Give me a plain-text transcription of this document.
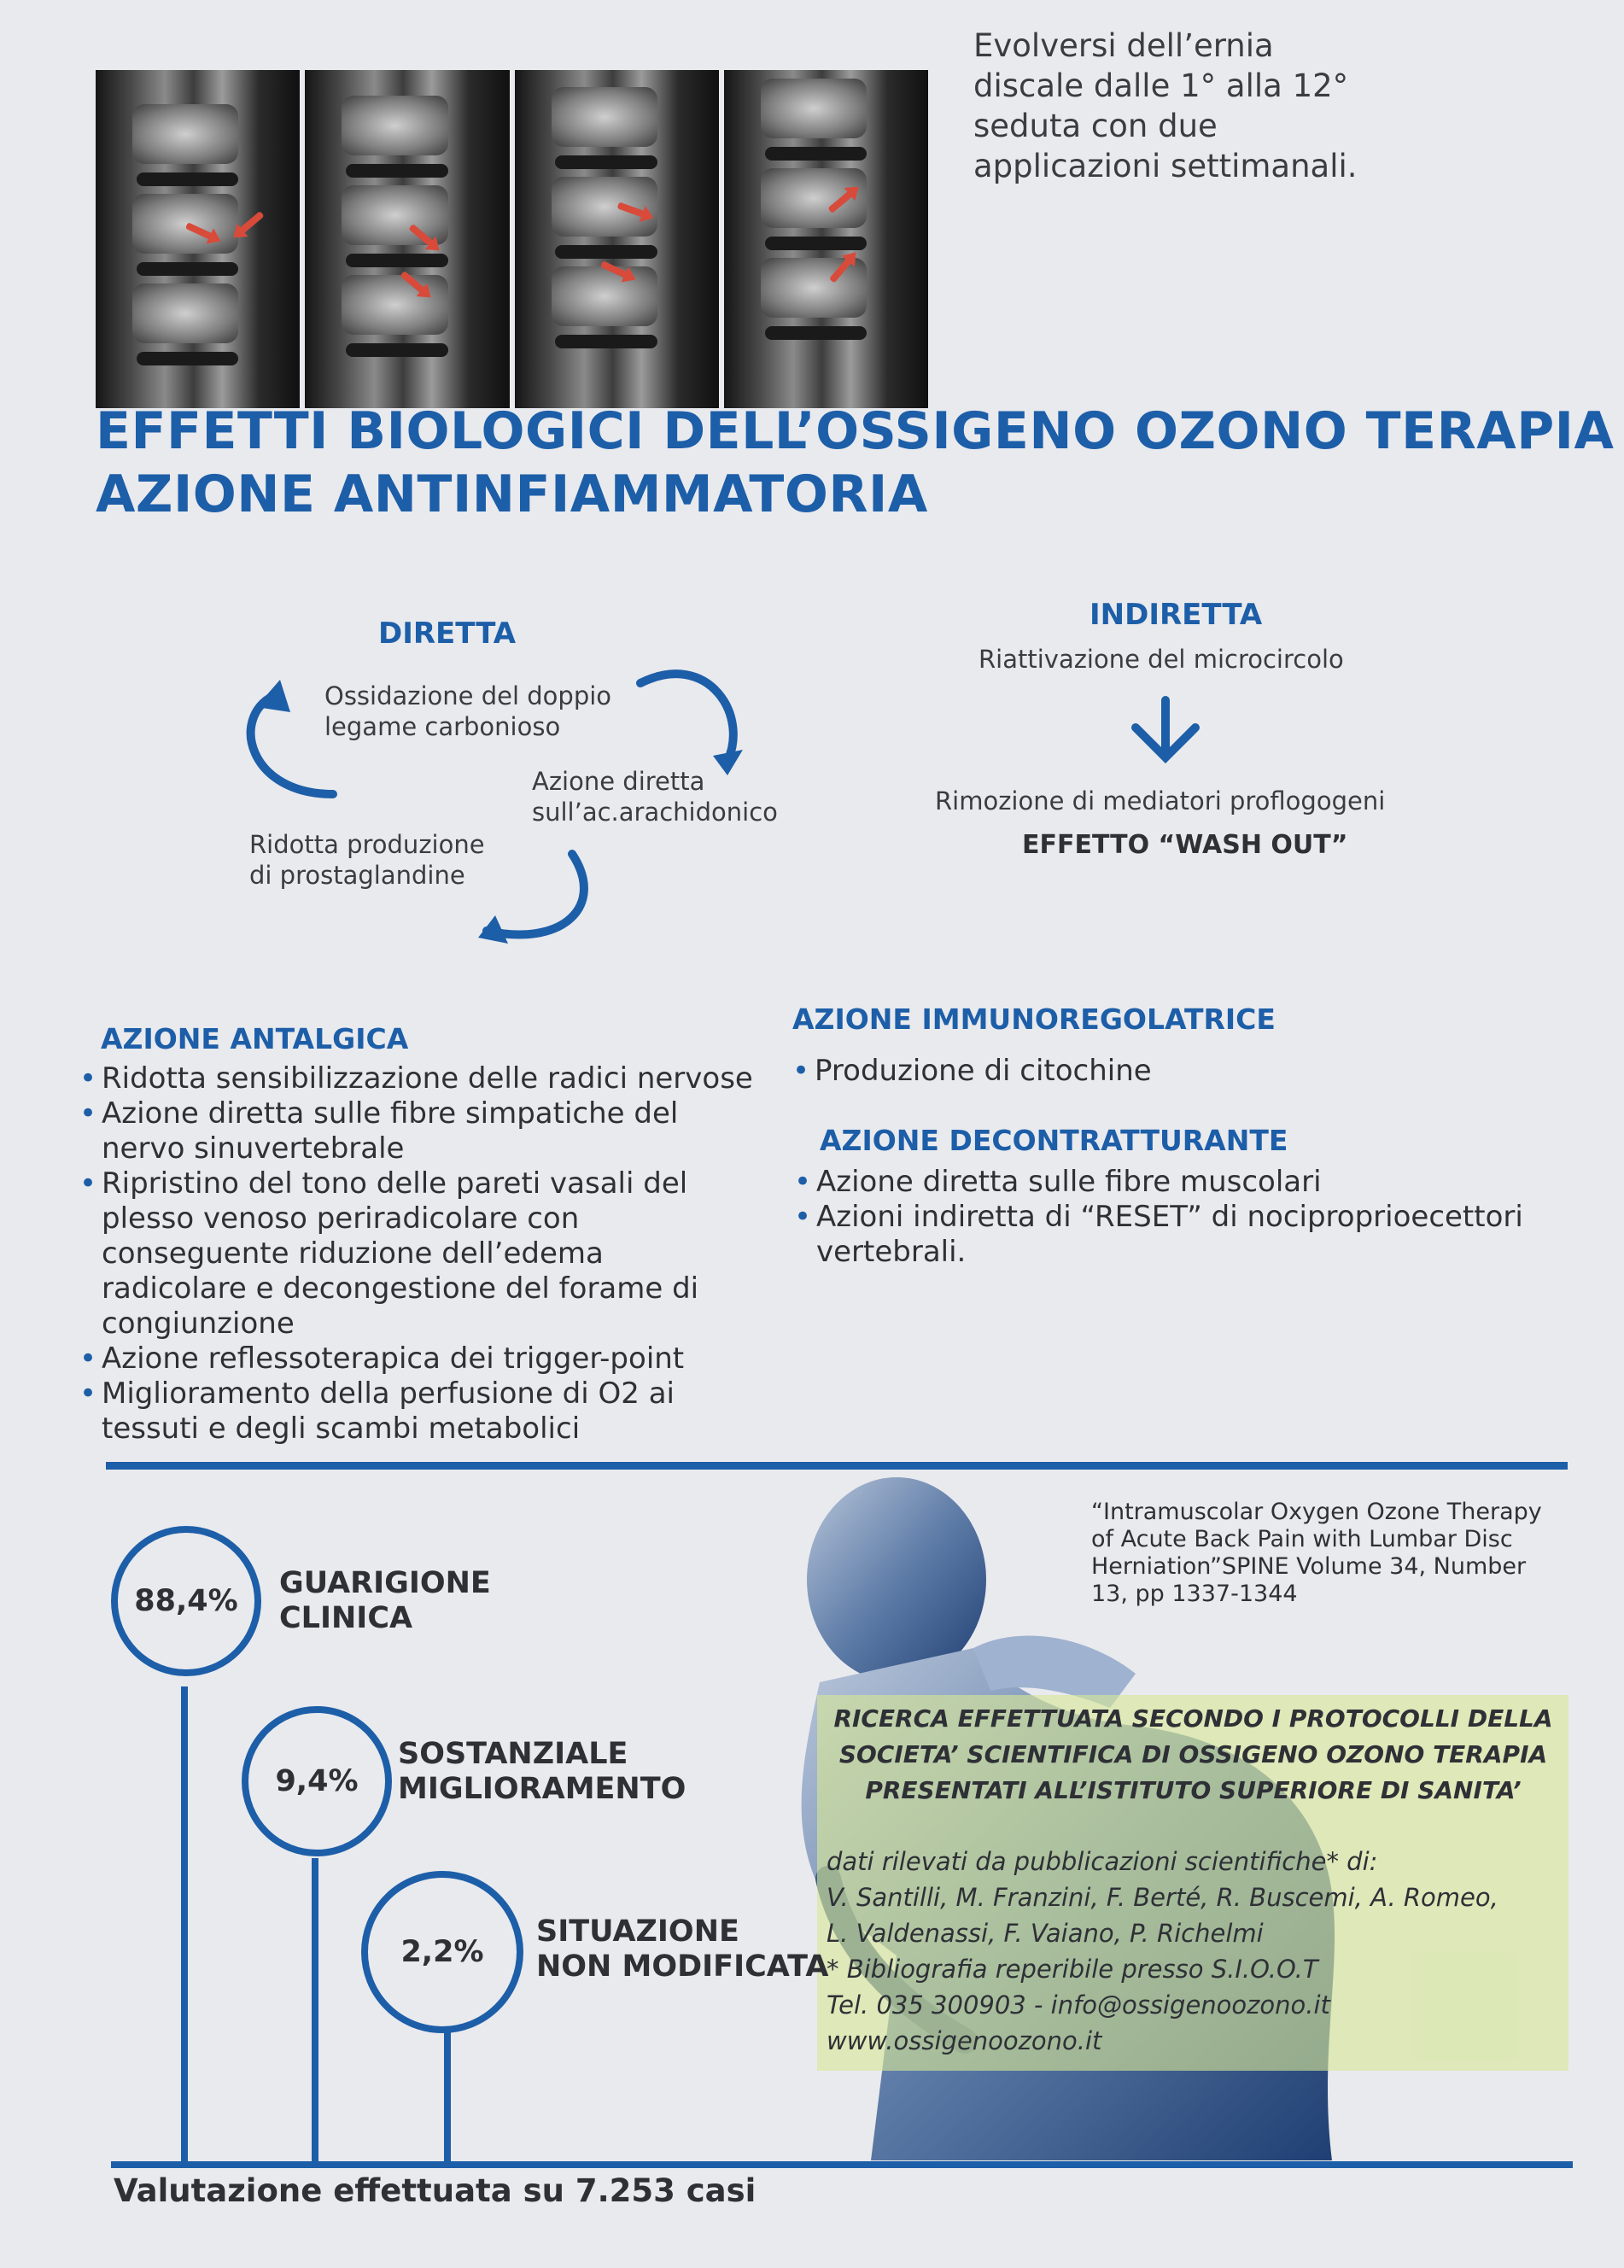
Evolversi dell’ernia
discale dalle 1° alla 12°
seduta con due
applicazioni settimanali.
EFFETTI BIOLOGICI DELL’OSSIGENO OZONO TERAPIA
AZIONE ANTINFIAMMATORIA
DIRETTA
Ossidazione del doppio
legame carbonioso
Azione diretta
sull’ac.arachidonico
Ridotta produzione
di prostaglandine
INDIRETTA
Riattivazione del microcircolo
Rimozione di mediatori proflogogeni
EFFETTO “WASH OUT”
AZIONE ANTALGICA
• Ridotta sensibilizzazione delle radici nervose
• Azione diretta sulle fibre simpatiche del nervo sinuvertebrale
• Ripristino del tono delle pareti vasali del plesso venoso periradicolare con conseguente riduzione dell’edema radicolare e decongestione del forame di congiunzione
• Azione reflessoterapica dei trigger-point
• Miglioramento della perfusione di O2 ai tessuti e degli scambi metabolici
AZIONE IMMUNOREGOLATRICE
• Produzione di citochine
AZIONE DECONTRATTURANTE
• Azione diretta sulle fibre muscolari
• Azioni indiretta di “RESET” di nociproprioecettori vertebrali.
“Intramuscolar Oxygen Ozone Therapy of Acute Back Pain with Lumbar Disc Herniation”SPINE Volume 34, Number 13, pp 1337-1344
RICERCA EFFETTUATA SECONDO I PROTOCOLLI DELLA
SOCIETA’ SCIENTIFICA DI OSSIGENO OZONO TERAPIA
PRESENTATI ALL’ISTITUTO SUPERIORE DI SANITA’
dati rilevati da pubblicazioni scientifiche* di:
V. Santilli, M. Franzini, F. Berté, R. Buscemi, A. Romeo,
L. Valdenassi, F. Vaiano, P. Richelmi
* Bibliografia reperibile presso S.I.O.O.T
Tel. 035 300903 - info@ossigenoozono.it
www.ossigenoozono.it
88,4%
GUARIGIONE
CLINICA
9,4%
SOSTANZIALE
MIGLIORAMENTO
2,2%
SITUAZIONE
NON MODIFICATA
Valutazione effettuata su 7.253 casi
